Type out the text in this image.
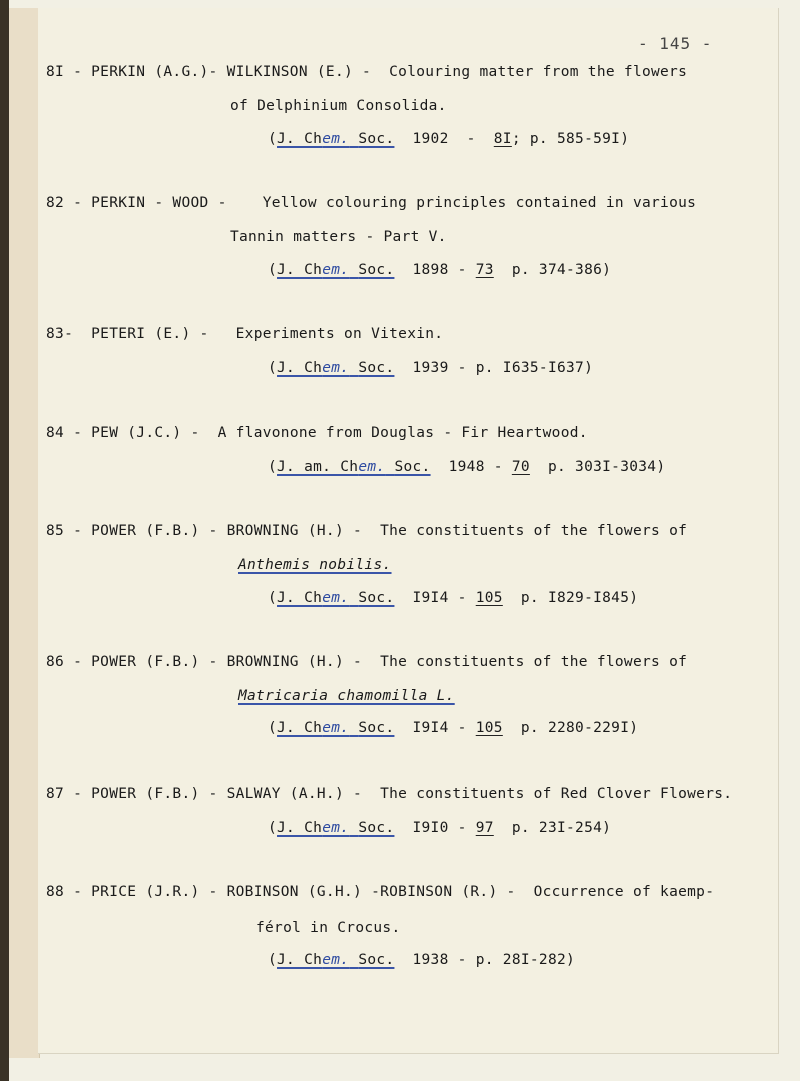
- 145 -
8I - PERKIN (A.G.)- WILKINSON (E.) - Colouring matter from the flowers
of Delphinium Consolida.
(J. Chem. Soc. 1902  -  8I; p. 585-59I)
82 - PERKIN - WOOD - Yellow colouring principles contained in various
Tannin matters - Part V.
(J. Chem. Soc. 1898 - 73 p. 374-386)
83- PETERI (E.) - Experiments on Vitexin.
(J. Chem. Soc. 1939 - p. I635-I637)
84 - PEW (J.C.) - A flavonone from Douglas - Fir Heartwood.
(J. am. Chem. Soc. 1948 - 70 p. 303I-3034)
85 - POWER (F.B.) - BROWNING (H.) - The constituents of the flowers of
Anthemis nobilis.
(J. Chem. Soc. I9I4 - 105 p. I829-I845)
86 - POWER (F.B.) - BROWNING (H.) - The constituents of the flowers of
Matricaria chamomilla L.
(J. Chem. Soc. I9I4 - 105 p. 2280-229I)
87 - POWER (F.B.) - SALWAY (A.H.) - The constituents of Red Clover Flowers.
(J. Chem. Soc. I9I0 - 97 p. 23I-254)
88 - PRICE (J.R.) - ROBINSON (G.H.) -ROBINSON (R.) - Occurrence of kaemp-
férol in Crocus.
(J. Chem. Soc. 1938 - p. 28I-282)
